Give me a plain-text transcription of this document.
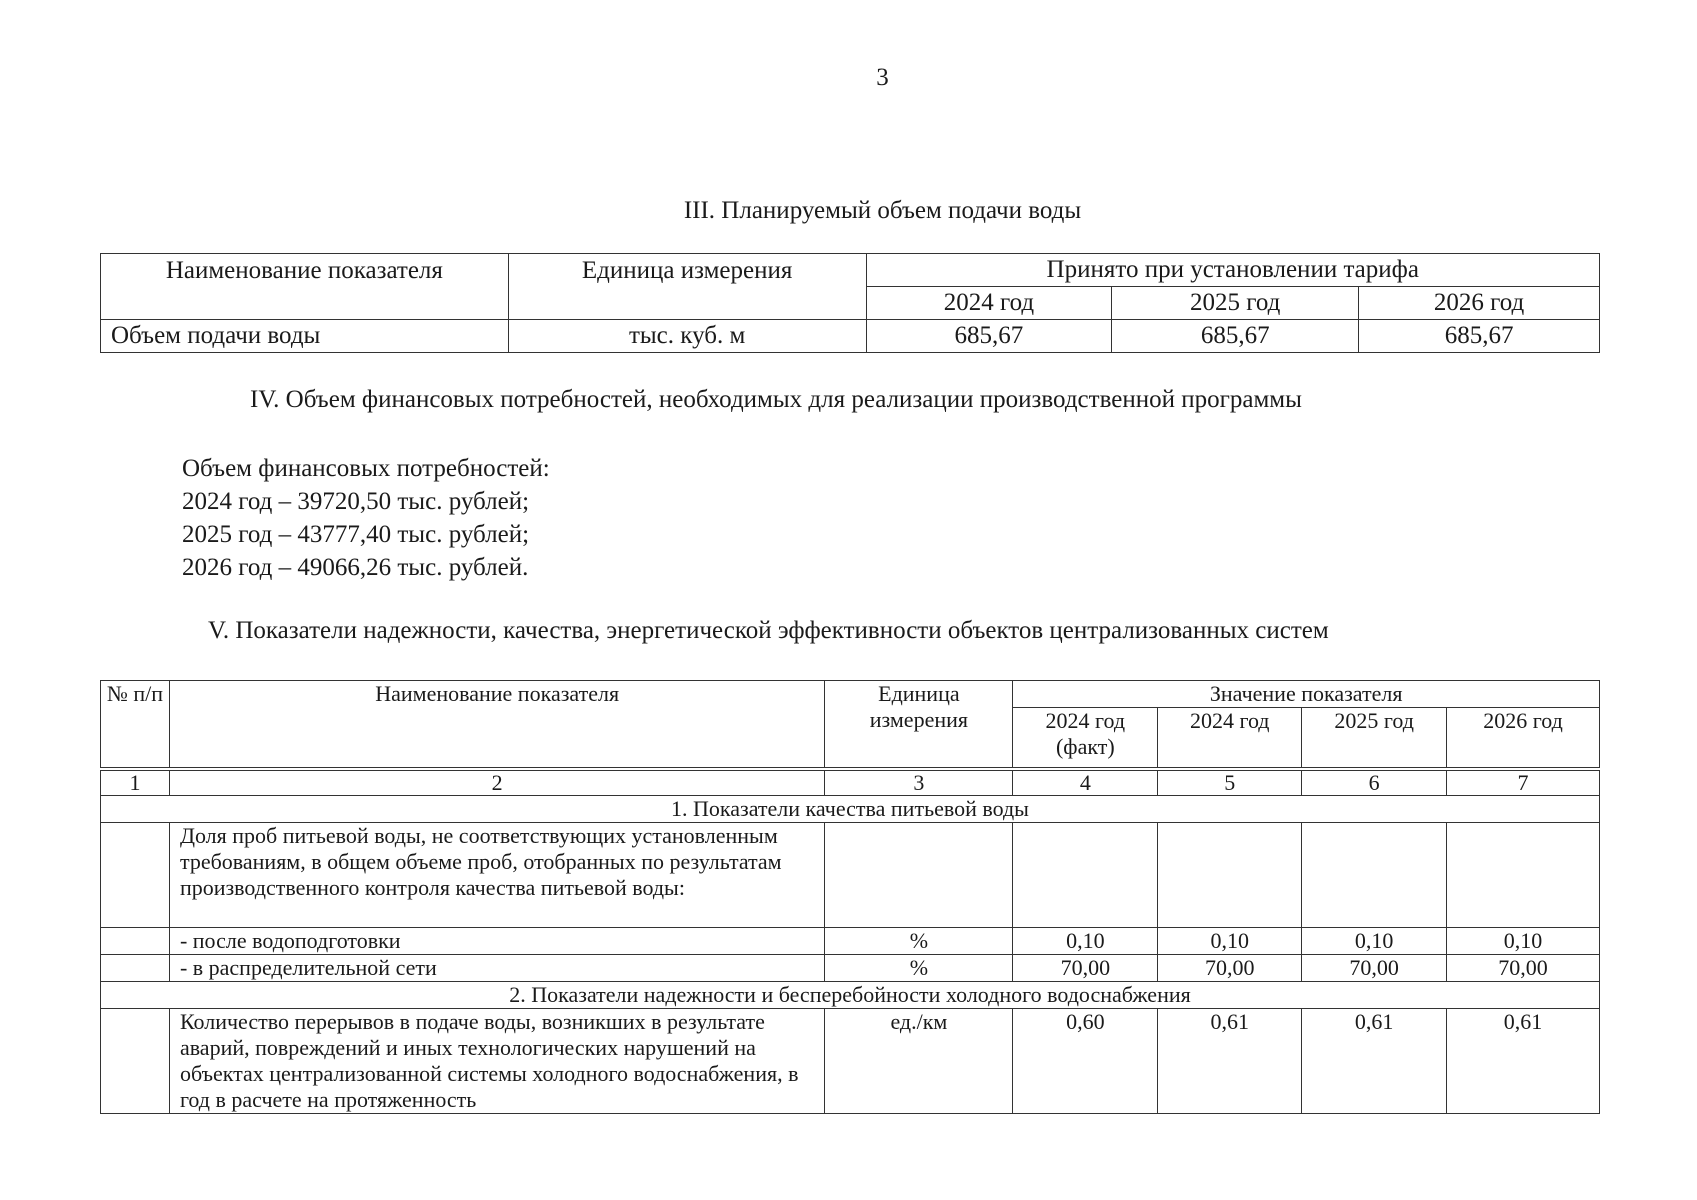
3
III. Планируемый объем подачи воды
Наименование показателя	Единица измерения	Принято при установлении тарифа		
		2024 год	2025 год	2026 год
Объем подачи воды	тыс. куб. м	685,67	685,67	685,67
IV. Объем финансовых потребностей, необходимых для реализации производственной программы
Объем финансовых потребностей:
2024 год – 39720,50 тыс. рублей;
2025 год – 43777,40 тыс. рублей;
2026 год – 49066,26 тыс. рублей.
V. Показатели надежности, качества, энергетической эффективности объектов централизованных систем
№ п/п	Наименование показателя	Единица измерения	Значение показателя			
			2024 год (факт)	2024 год	2025 год	2026 год
1	2	3	4	5	6	7
1. Показатели качества питьевой воды						
	Доля проб питьевой воды, не соответствующих установленным требованиям, в общем объеме проб, отобранных по результатам производственного контроля качества питьевой воды:					
	- после водоподготовки	%	0,10	0,10	0,10	0,10
	- в распределительной сети	%	70,00	70,00	70,00	70,00
2. Показатели надежности и бесперебойности холодного водоснабжения						
	Количество перерывов в подаче воды, возникших в результате аварий, повреждений и иных технологических нарушений на объектах централизованной системы холодного водоснабжения, в год в расчете на протяженность	ед./км	0,60	0,61	0,61	0,61
